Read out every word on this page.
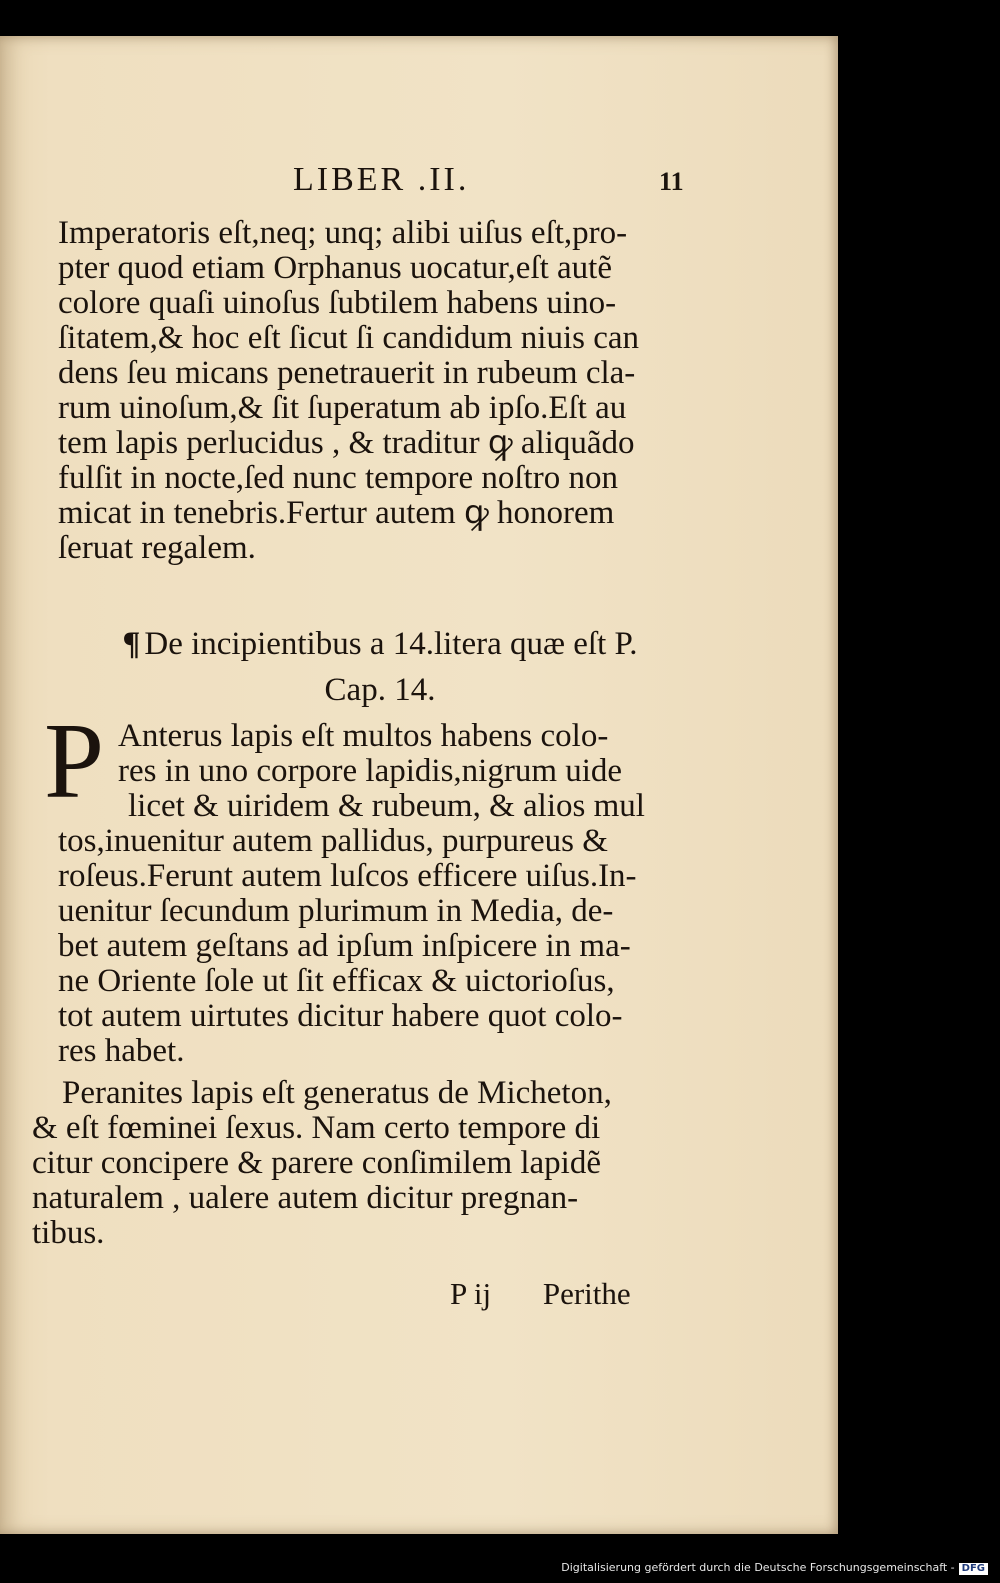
LIBER .II.	11
Imperatoris eſt,neq; unq; alibi uiſus eſt,pro-
pter quod etiam Orphanus uocatur,eſt autẽ
colore quaſi uinoſus ſubtilem habens uino-
ſitatem,& hoc eſt ſicut ſi candidum niuis can
dens ſeu micans penetrauerit in rubeum cla-
rum uinoſum,& ſit ſuperatum ab ipſo.Eſt au
tem lapis perlucidus , & traditur ꝙ aliquãdo
fulſit in nocte,ſed nunc tempore noſtro non
micat in tenebris.Fertur autem ꝙ honorem
ſeruat regalem.
¶ De incipientibus a 14.litera quæ eſt P.
Cap. 14.
P Anterus lapis eſt multos habens colo-
res in uno corpore lapidis,nigrum uide
licet & uiridem & rubeum, & alios mul
tos,inuenitur autem pallidus, purpureus &
roſeus.Ferunt autem luſcos efficere uiſus.In-
uenitur ſecundum plurimum in Media, de-
bet autem geſtans ad ipſum inſpicere in ma-
ne Oriente ſole ut ſit efficax & uictorioſus,
tot autem uirtutes dicitur habere quot colo-
res habet.
Peranites lapis eſt generatus de Micheton,
& eſt fœminei ſexus. Nam certo tempore di
citur concipere & parere conſimilem lapidẽ
naturalem , ualere autem dicitur pregnan-
tibus.
P ij Perithe
Digitalisierung gefördert durch die Deutsche Forschungsgemeinschaft - DFG
